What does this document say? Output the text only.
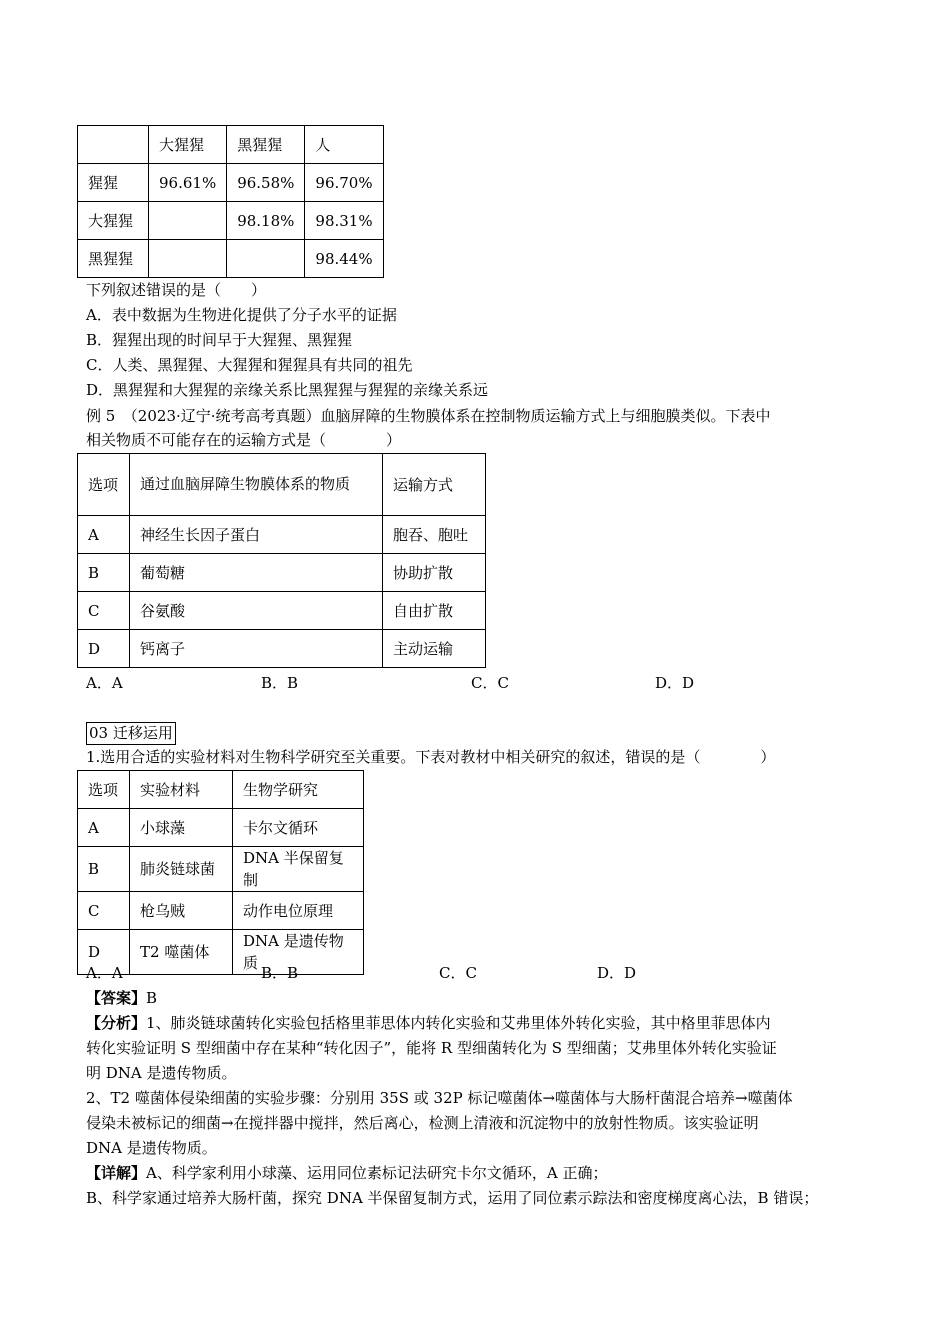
	大猩猩	黑猩猩	人
猩猩	96.61%	96.58%	96.70%
大猩猩		98.18%	98.31%
黑猩猩			98.44%
下列叙述错误的是（　　）
A．表中数据为生物进化提供了分子水平的证据
B．猩猩出现的时间早于大猩猩、黑猩猩
C．人类、黑猩猩、大猩猩和猩猩具有共同的祖先
D．黑猩猩和大猩猩的亲缘关系比黑猩猩与猩猩的亲缘关系远
例 5　（2023·辽宁·统考高考真题）血脑屏障的生物膜体系在控制物质运输方式上与细胞膜类似。下表中
相关物质不可能存在的运输方式是（　　　　）
选项	通过血脑屏障生物膜体系的物质	运输方式
A	神经生长因子蛋白	胞吞、胞吐
B	葡萄糖	协助扩散
C	谷氨酸	自由扩散
D	钙离子	主动运输
A．A	B．B	C．C	D．D
03 迁移运用
1.选用合适的实验材料对生物科学研究至关重要。下表对教材中相关研究的叙述，错误的是（　　　　）
选项	实验材料	生物学研究
A	小球藻	卡尔文循环
B	肺炎链球菌	DNA 半保留复制
C	枪乌贼	动作电位原理
D	T2 噬菌体	DNA 是遗传物质
A．A	B．B	C．C	D．D
【答案】B
【分析】1、肺炎链球菌转化实验包括格里菲思体内转化实验和艾弗里体外转化实验，其中格里菲思体内
转化实验证明 S 型细菌中存在某种“转化因子”，能将 R 型细菌转化为 S 型细菌；艾弗里体外转化实验证
明 DNA 是遗传物质。
2、T2 噬菌体侵染细菌的实验步骤：分别用 35S 或 32P 标记噬菌体→噬菌体与大肠杆菌混合培养→噬菌体
侵染未被标记的细菌→在搅拌器中搅拌，然后离心，检测上清液和沉淀物中的放射性物质。该实验证明
DNA 是遗传物质。
【详解】A、科学家利用小球藻、运用同位素标记法研究卡尔文循环，A 正确；
B、科学家通过培养大肠杆菌，探究 DNA 半保留复制方式，运用了同位素示踪法和密度梯度离心法，B 错误；
